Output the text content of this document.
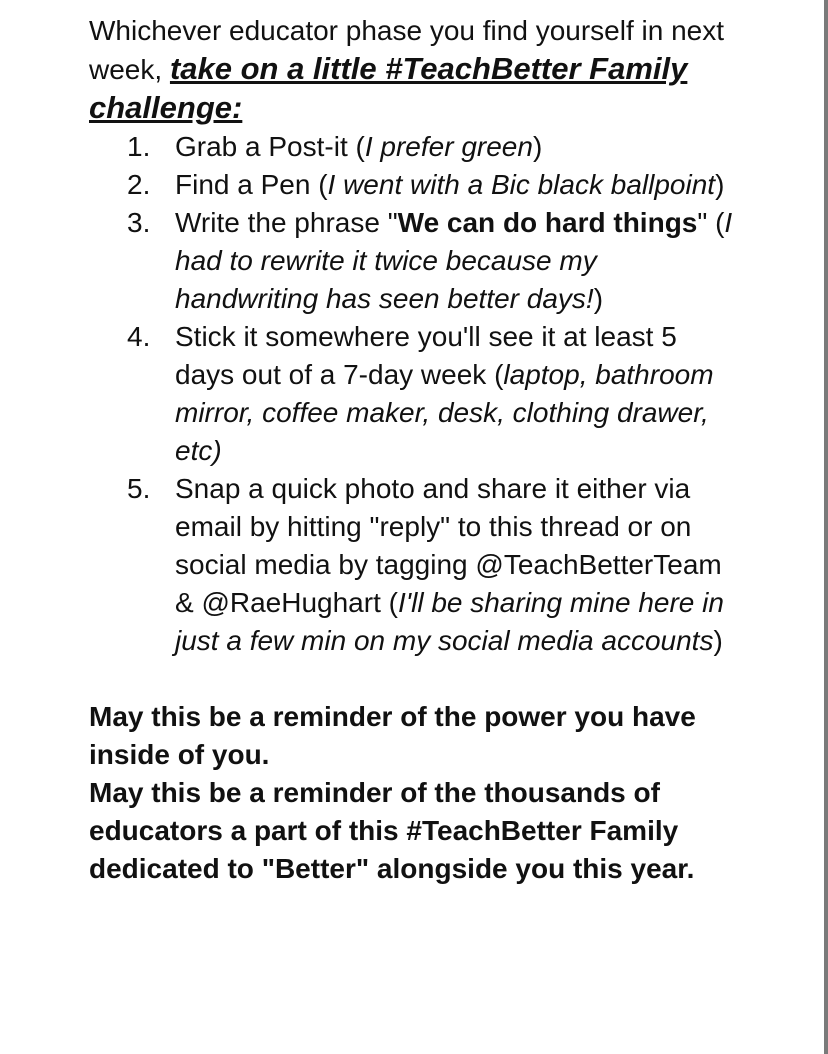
Whichever educator phase you find yourself in next week, take on a little #TeachBetter Family challenge:

1. Grab a Post-it (I prefer green)
2. Find a Pen (I went with a Bic black ballpoint)
3. Write the phrase "We can do hard things" (I had to rewrite it twice because my handwriting has seen better days!)
4. Stick it somewhere you'll see it at least 5 days out of a 7-day week (laptop, bathroom mirror, coffee maker, desk, clothing drawer, etc)
5. Snap a quick photo and share it either via email by hitting "reply" to this thread or on social media by tagging @TeachBetterTeam & @RaeHughart (I'll be sharing mine here in just a few min on my social media accounts)

May this be a reminder of the power you have inside of you.

May this be a reminder of the thousands of educators a part of this #TeachBetter Family dedicated to "Better" alongside you this year.
